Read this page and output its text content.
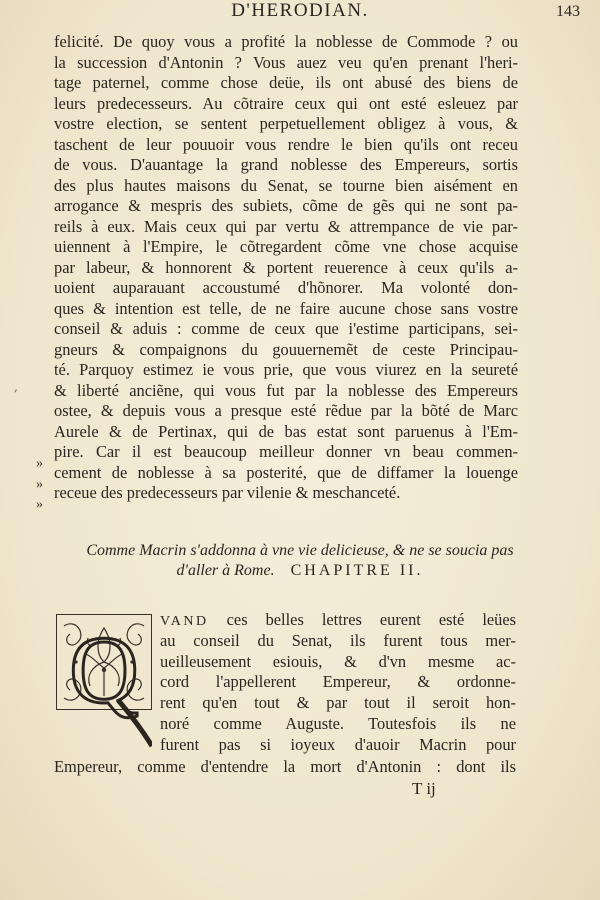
D'HERODIAN.	143
,
felicité. De quoy vous a profité la noblesse de Commode ? ou
la succession d'Antonin ? Vous auez veu qu'en prenant l'heri-
tage paternel, comme chose deüe, ils ont abusé des biens de
leurs predecesseurs. Au cõtraire ceux qui ont esté esleuez par
vostre election, se sentent perpetuellement obligez à vous, &
taschent de leur pouuoir vous rendre le bien qu'ils ont receu
de vous. D'auantage la grand noblesse des Empereurs, sortis
des plus hautes maisons du Senat, se tourne bien aisément en
arrogance & mespris des subiets, cõme de gẽs qui ne sont pa-
reils à eux. Mais ceux qui par vertu & attrempance de vie par-
uiennent à l'Empire, le cõtregardent cõme vne chose acquise
par labeur, & honnorent & portent reuerence à ceux qu'ils a-
uoient auparauant accoustumé d'hõnorer. Ma volonté don-
ques & intention est telle, de ne faire aucune chose sans vostre
conseil & aduis : comme de ceux que i'estime participans, sei-
gneurs & compaignons du gouuernemẽt de ceste Principau-
té. Parquoy estimez ie vous prie, que vous viurez en la seureté
& liberté anciẽne, qui vous fut par la noblesse des Empereurs
ostee, & depuis vous a presque esté rẽdue par la bõté de Marc
Aurele & de Pertinax, qui de bas estat sont paruenus à l'Em-
pire. Car il est beaucoup meilleur donner vn beau commen-
cement de noblesse à sa posterité, que de diffamer la louenge
receue des predecesseurs par vilenie & meschanceté.
»
»
»
Comme Macrin s'addonna à vne vie delicieuse, & ne se soucia pas
d'aller à Rome. CHAPITRE II.
Q VAND ces belles lettres eurent esté leües
au conseil du Senat, ils furent tous mer-
ueilleusement esiouis, & d'vn mesme ac-
cord l'appellerent Empereur, & ordonne-
rent qu'en tout & par tout il seroit hon-
noré comme Auguste. Toutesfois ils ne
furent pas si ioyeux d'auoir Macrin pour
Empereur, comme d'entendre la mort d'Antonin : dont ils
T ij
